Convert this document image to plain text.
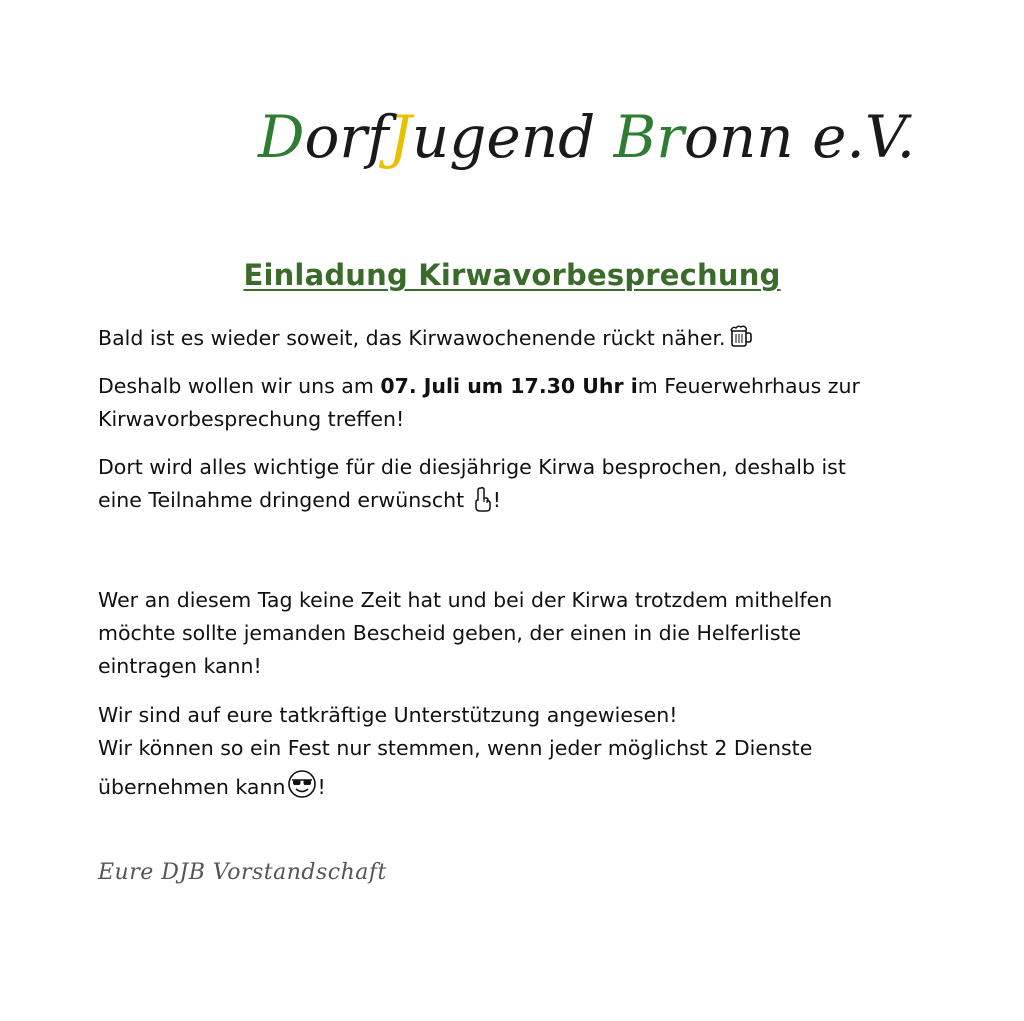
DorfJugend Bronn e.V.
Einladung Kirwavorbesprechung
Bald ist es wieder soweit, das Kirwawochenende rückt näher.
Deshalb wollen wir uns am 07. Juli um 17.30 Uhr im Feuerwehrhaus zur
Kirwavorbesprechung treffen!
Dort wird alles wichtige für die diesjährige Kirwa besprochen, deshalb ist
eine Teilnahme dringend erwünscht !
Wer an diesem Tag keine Zeit hat und bei der Kirwa trotzdem mithelfen
möchte sollte jemanden Bescheid geben, der einen in die Helferliste
eintragen kann!
Wir sind auf eure tatkräftige Unterstützung angewiesen!
Wir können so ein Fest nur stemmen, wenn jeder möglichst 2 Dienste
übernehmen kann !
Eure DJB Vorstandschaft
